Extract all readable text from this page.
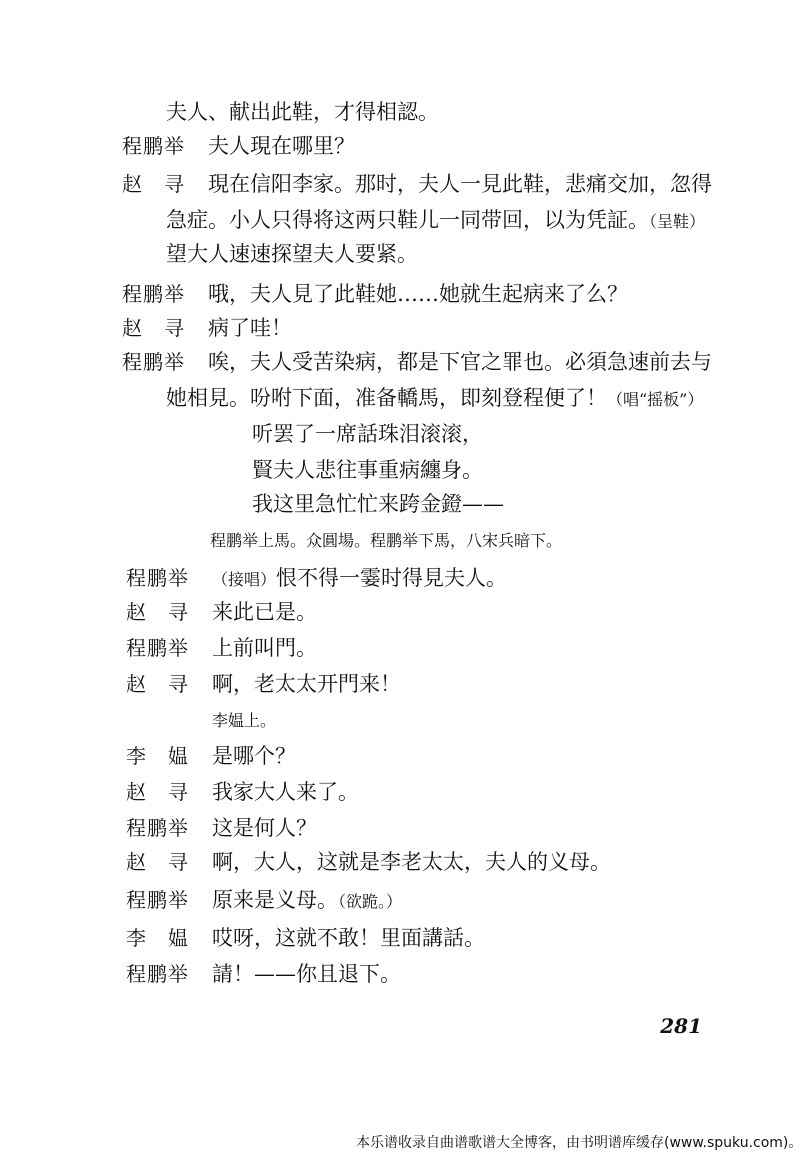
夫人、献出此鞋，才得相認。
程鹏举 夫人現在哪里？
赵　寻 現在信阳李家。那时，夫人一見此鞋，悲痛交加，忽得
急症。小人只得将这两只鞋儿一同带回，以为凭証。（呈鞋）
望大人速速探望夫人要紧。
程鹏举 哦，夫人見了此鞋她……她就生起病来了么？
赵　寻 病了哇！
程鹏举 唉，夫人受苦染病，都是下官之罪也。必須急速前去与
她相見。吩咐下面，准备轎馬，即刻登程便了！（唱“摇板”）
听罢了一席話珠泪滚滚，
賢夫人悲往事重病纏身。
我这里急忙忙来跨金鐙——
程鹏举上馬。众圓場。程鹏举下馬，八宋兵暗下。
程鹏举 （接唱）恨不得一霎时得見夫人。
赵　寻 来此已是。
程鹏举 上前叫門。
赵　寻 啊，老太太开門来！
李媪上。
李　媪 是哪个？
赵　寻 我家大人来了。
程鹏举 这是何人？
赵　寻 啊，大人，这就是李老太太，夫人的义母。
程鹏举 原来是义母。（欲跪。）
李　媪 哎呀，这就不敢！里面講話。
程鹏举 請！——你且退下。
281
本乐谱收录自曲谱歌谱大全博客，由书明谱库缓存(www.spuku.com)。
